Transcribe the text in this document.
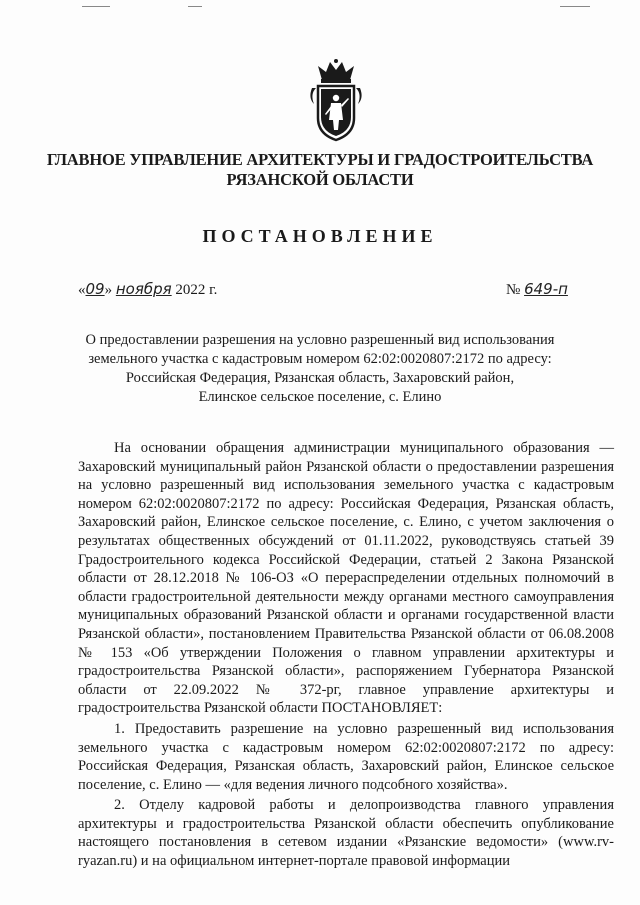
ГЛАВНОЕ УПРАВЛЕНИЕ АРХИТЕКТУРЫ И ГРАДОСТРОИТЕЛЬСТВА
РЯЗАНСКОЙ ОБЛАСТИ
ПОСТАНОВЛЕНИЕ
«09» ноября 2022 г.	№ 649-п
О предоставлении разрешения на условно разрешенный вид использования
земельного участка с кадастровым номером 62:02:0020807:2172 по адресу:
Российская Федерация, Рязанская область, Захаровский район,
Елинское сельское поселение, с. Елино

На основании обращения администрации муниципального образования — Захаровский муниципальный район Рязанской области о предоставлении разрешения на условно разрешенный вид использования земельного участка с кадастровым номером 62:02:0020807:2172 по адресу: Российская Федерация, Рязанская область, Захаровский район, Елинское сельское поселение, с. Елино, с учетом заключения о результатах общественных обсуждений от 01.11.2022, руководствуясь статьей 39 Градостроительного кодекса Российской Федерации, статьей 2 Закона Рязанской области от 28.12.2018 № 106-ОЗ «О перераспределении отдельных полномочий в области градостроительной деятельности между органами местного самоуправления муниципальных образований Рязанской области и органами государственной власти Рязанской области», постановлением Правительства Рязанской области от 06.08.2008 № 153 «Об утверждении Положения о главном управлении архитектуры и градостроительства Рязанской области», распоряжением Губернатора Рязанской области от 22.09.2022 № 372-рг, главное управление архитектуры и градостроительства Рязанской области ПОСТАНОВЛЯЕТ:

1. Предоставить разрешение на условно разрешенный вид использования земельного участка с кадастровым номером 62:02:0020807:2172 по адресу: Российская Федерация, Рязанская область, Захаровский район, Елинское сельское поселение, с. Елино — «для ведения личного подсобного хозяйства».

2. Отделу кадровой работы и делопроизводства главного управления архитектуры и градостроительства Рязанской области обеспечить опубликование настоящего постановления в сетевом издании «Рязанские ведомости» (www.rv-ryazan.ru) и на официальном интернет-портале правовой информации
